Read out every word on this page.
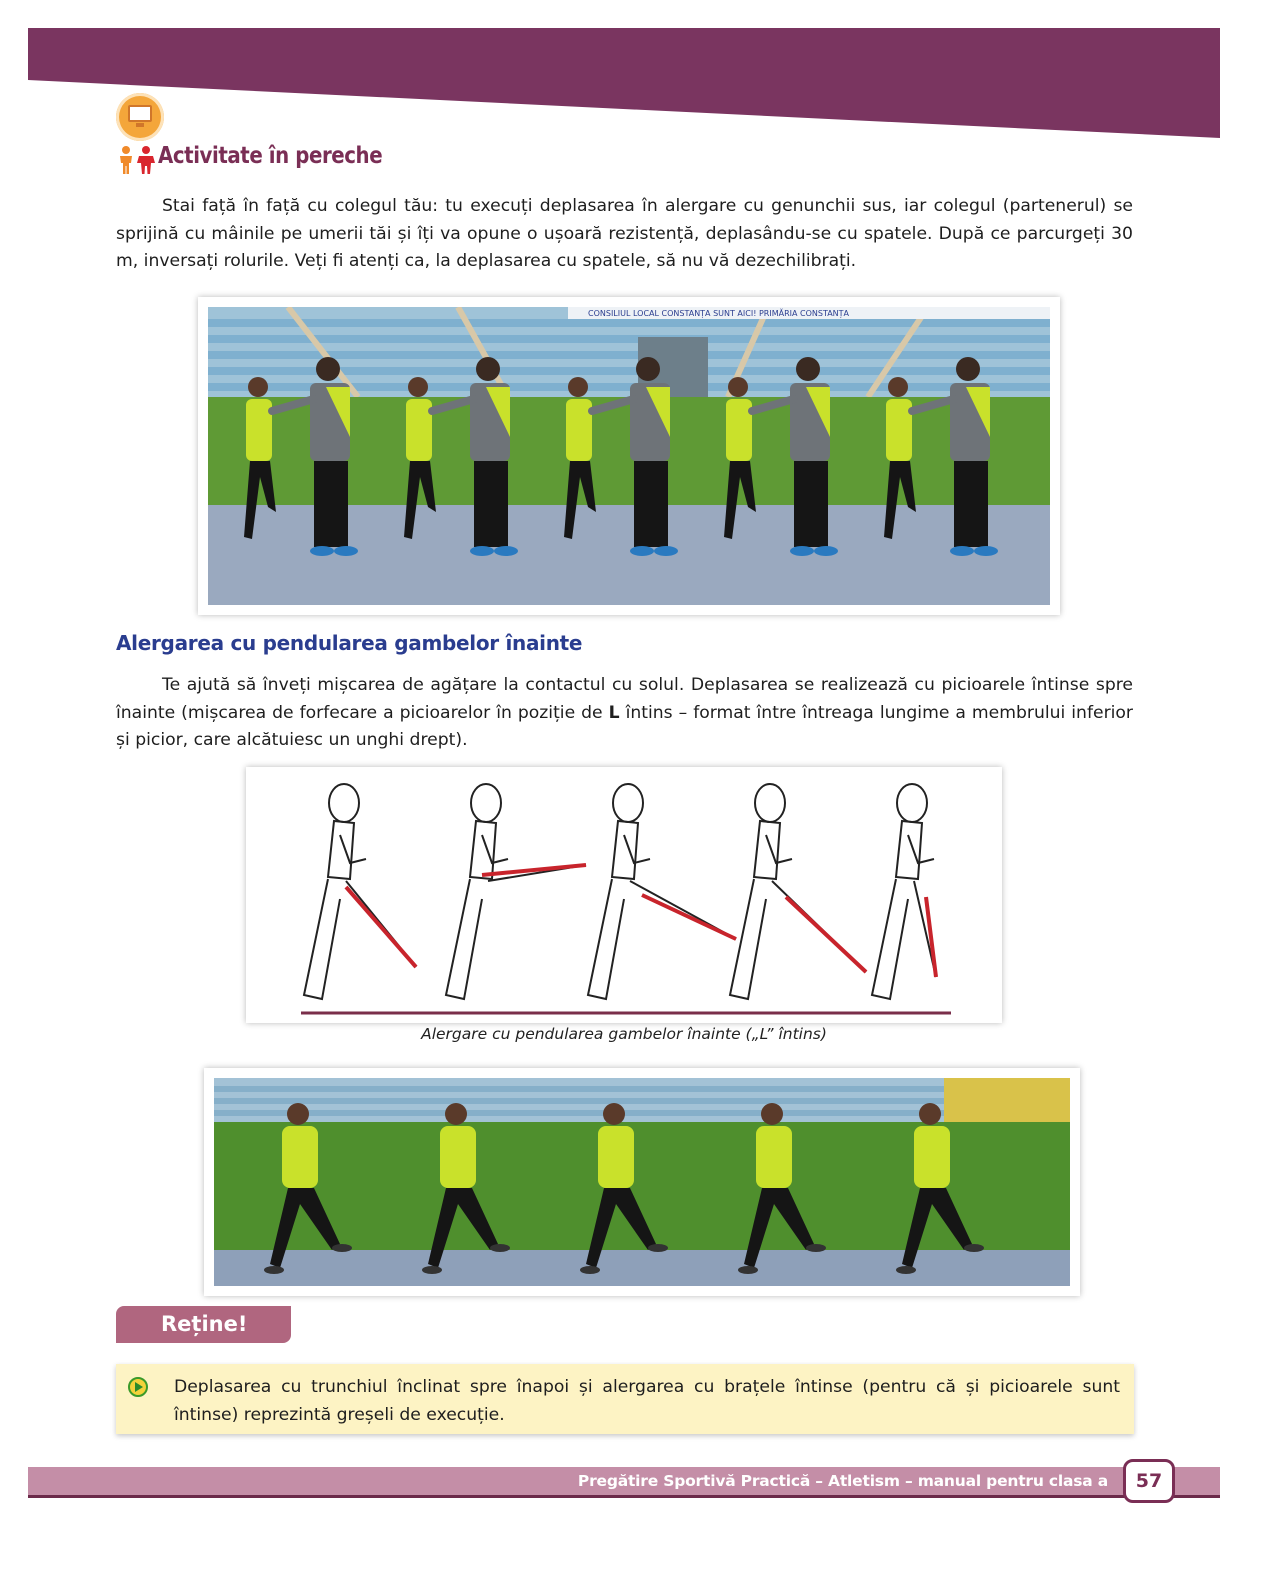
Activitate în pereche
Stai față în față cu colegul tău: tu execuți deplasarea în alergare cu genunchii sus, iar colegul (partenerul) se sprijină cu mâinile pe umerii tăi și îți va opune o ușoară rezistență, deplasându-se cu spatele. După ce parcurgeți 30 m, inversați rolurile. Veți fi atenți ca, la deplasarea cu spatele, să nu vă dezechilibrați.
CONSILIUL LOCAL CONSTANȚA SUNT AICI! PRIMĂRIA CONSTANȚA
Alergarea cu pendularea gambelor înainte
Te ajută să înveți mișcarea de agățare la contactul cu solul. Deplasarea se realizează cu picioarele întinse spre înainte (mișcarea de forfecare a picioarelor în poziție de L întins – format între întreaga lungime a membrului inferior și picior, care alcătuiesc un unghi drept).
Alergare cu pendularea gambelor înainte („L” întins)
Reține!
Deplasarea cu trunchiul înclinat spre înapoi și alergarea cu brațele întinse (pentru că și picioarele sunt întinse) reprezintă greșeli de execuție.
Pregătire Sportivă Practică – Atletism – manual pentru clasa a V-a
57
